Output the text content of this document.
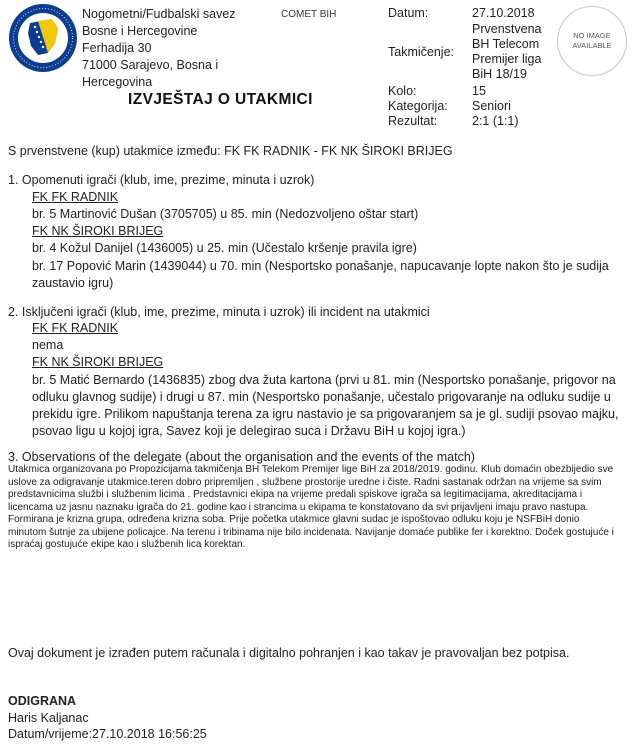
Nogometni/Fudbalski savez
Bosne i Hercegovine
Ferhadija 30
71000 Sarajevo, Bosna i
Hercegovina
COMET BIH
IZVJEŠTAJ O UTAKMICI
Datum:	27.10.2018
Takmičenje:
Prvenstvena
BH Telecom
Premijer liga
BiH 18/19
Kolo:	15
Kategorija: Seniori
Rezultat:	2:1 (1:1)
NO IMAGE
AVAILABLE
S prvenstvene (kup) utakmice između: FK FK RADNIK - FK NK ŠIROKI BRIJEG
1. Opomenuti igrači (klub, ime, prezime, minuta i uzrok)
FK FK RADNIK
br. 5 Martinović Dušan (3705705) u 85. min (Nedozvoljeno oštar start)
FK NK ŠIROKI BRIJEG
br. 4 Kožul Danijel (1436005) u 25. min (Učestalo kršenje pravila igre)
br. 17 Popović Marin (1439044) u 70. min (Nesportsko ponašanje, napucavanje lopte nakon što je sudija zaustavio igru)
2. Isključeni igrači (klub, ime, prezime, minuta i uzrok) ili incident na utakmici
FK FK RADNIK
nema
FK NK ŠIROKI BRIJEG
br. 5 Matić Bernardo (1436835) zbog dva žuta kartona (prvi u 81. min (Nesportsko ponašanje, prigovor na odluku glavnog sudije) i drugi u 87. min (Nesportsko ponašanje, učestalo prigovaranje na odluku sudije u prekidu igre. Prilikom napuštanja terena za igru nastavio je sa prigovaranjem sa je gl. sudiji psovao majku, psovao ligu u kojoj igra, Savez koji je delegirao suca i Državu BiH u kojoj igra.)
3. Observations of the delegate (about the organisation and the events of the match)
Utakmica organizovana po Propozicijama takmičenja BH Telekom Premijer lige BiH za 2018/2019. godinu. Klub domaćin obezbijedio sve uslove za odigravanje utakmice.teren dobro pripremljen , službene prostorije uredne i čiste. Radni sastanak održan na vrijeme sa svim predstavnicima službi i službenim licima . Predstavnici ekipa na vrijeme predali spiskove igrača sa legitimacijama, akreditacijama i licencama uz jasnu naznaku igrača do 21. godine kao i strancima u ekipama te konstatovano da svi prijavljeni imaju pravo nastupa. Formirana je krizna grupa, određena krizna soba. Prije početka utakmice glavni sudac je ispoštovao odluku koju je NSFBiH donio minutom šutnje za ubijene policajce. Na terenu i tribinama nije bilo incidenata. Navijanje domaće publike fer i korektno. Doček gostujuće i ispraćaj gostujuće ekipe kao i službenih lica korektan.
Ovaj dokument je izrađen putem računala i digitalno pohranjen i kao takav je pravovaljan bez potpisa.
ODIGRANA
Haris Kaljanac
Datum/vrijeme:27.10.2018 16:56:25
